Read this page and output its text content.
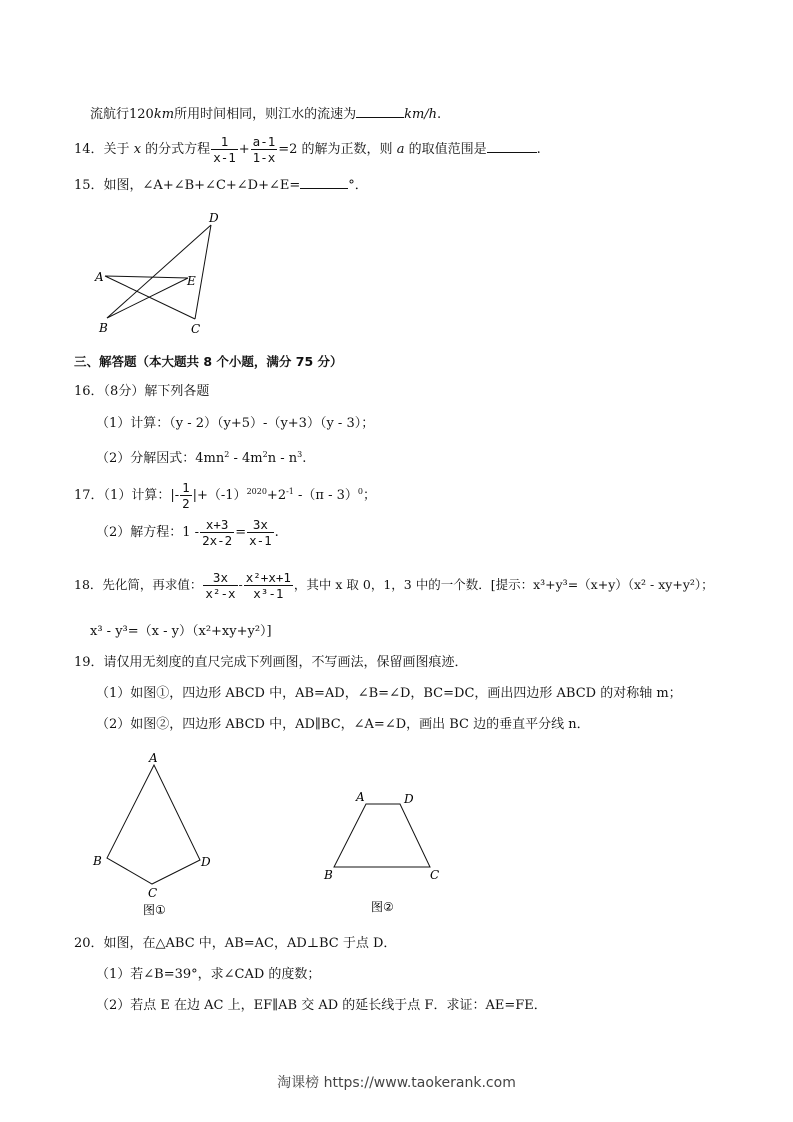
流航行120km所用时间相同，则江水的流速为	km/h.
14．关于 x 的分式方程 $\frac{1}{x-1} + \frac{a-1}{1-x} =2$ 的解为正数，则 a 的取值范围是	.
15．如图，∠A+∠B+∠C+∠D+∠E=	°．
A
B	C
D
E
三、解答题（本大题共 8 个小题，满分 75 分）
16．（8分）解下列各题
（1）计算：（y - 2）（y+5）-（y+3）（y - 3）；
（2）分解因式：$4mn^2 - 4m^2n - n^3$.
17．（1）计算：|- $\frac{1}{2} |+(-1)^{2020}+2^{-1}$ -（π - 3）$^0$；
（2）解方程：$1 - \frac{x+3}{2x-2} = \frac{3x}{x-1}$ .
18．先化简，再求值： $\frac{3x}{\text{x²-x}} - \frac{\text{x²+x+1}}{\text{x³-1}}$ ，其中 x 取 0，1，3 中的一个数．[提示：x³+y³=（x+y）（x² - xy+y²）；
x³ - y³=（x - y）（x²+xy+y²）]
19．请仅用无刻度的直尺完成下列画图，不写画法，保留画图痕迹．
（1）如图①，四边形 ABCD 中，AB=AD，∠B=∠D，BC=DC，画出四边形 ABCD 的对称轴 m；
（2）如图②，四边形 ABCD 中，AD∥BC，∠A=∠D，画出 BC 边的垂直平分线 n．
A
B
C
D
图①
A	D
B	C
图②
20．如图，在△ABC 中，AB=AC，AD⊥BC 于点 D．
（1）若∠B=39°，求∠CAD 的度数；
（2）若点 E 在边 AC 上，EF∥AB 交 AD 的延长线于点 F．求证：AE=FE．
淘课榜 https://www.taokerank.com
